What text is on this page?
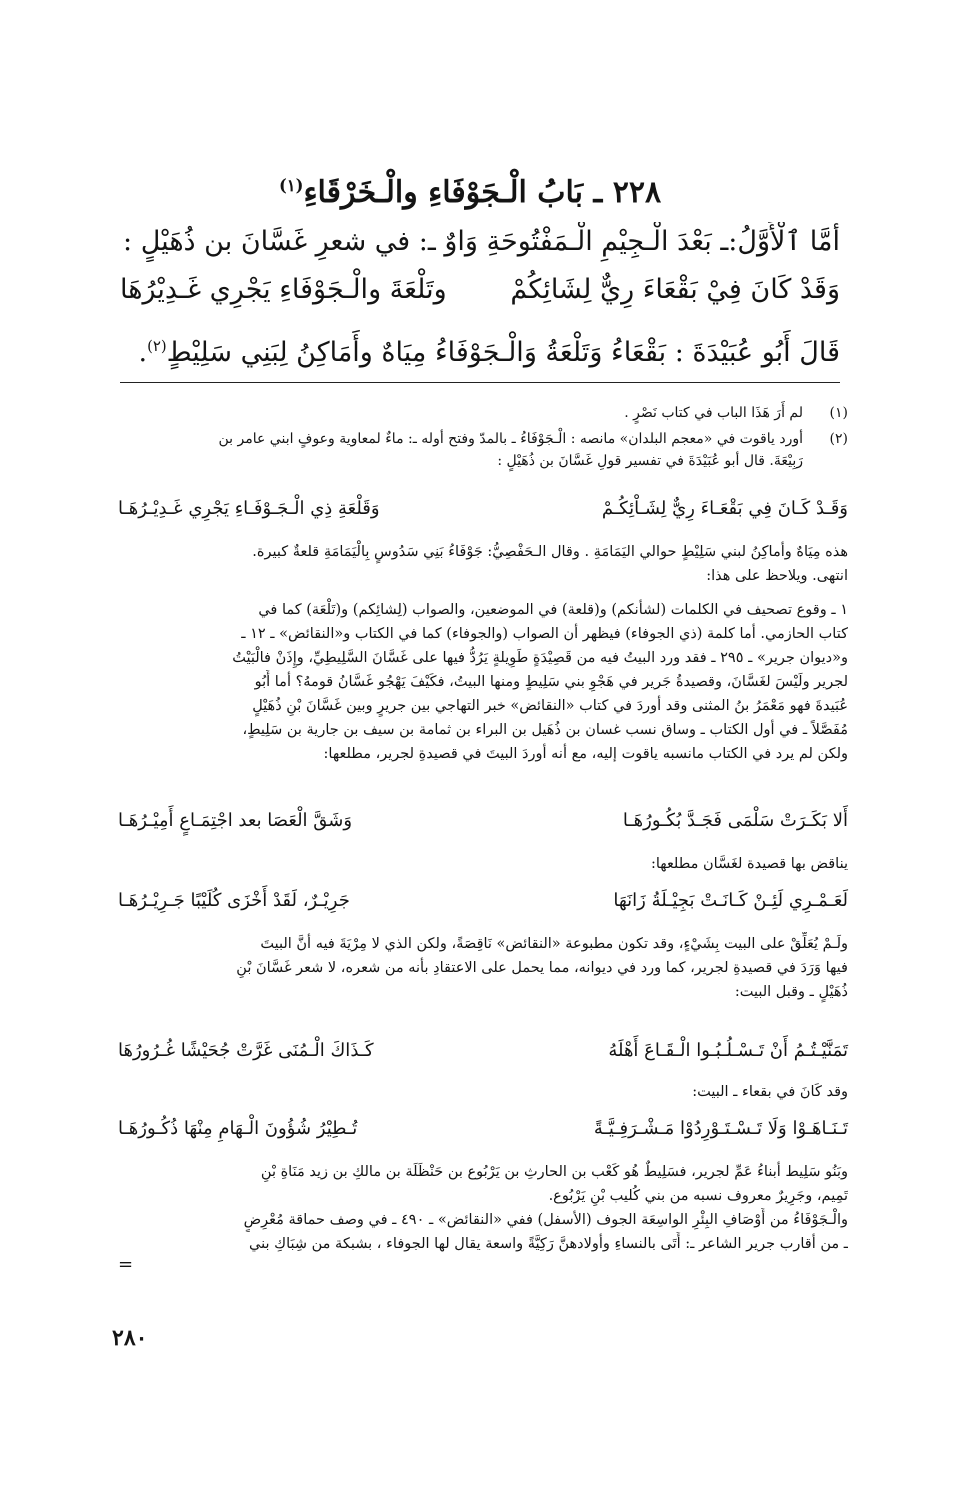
٢٢٨ ـ بَابُ الْـجَوْفَاءِ والْـخَرْقَاءِ$^{(١)}$
أَمَّا ٱلْأَوَّلُ:ـ بَعْدَ الْـجِيْمِ الْـمَفْتُوحَةِ وَاوٌ ـ: في شعرِ غَسَّانَ بن ذُهَيْلٍ :
وَقَدْ كَانَ فِيْ بَقْعَاءَ رِيٌّ لِشَائِكُمْ
وتَلْعَةَ والْـجَوْفَاءِ يَجْرِي غَـدِيْرُهَا
قَالَ أَبُو عُبَيْدَةَ : بَقْعَاءُ وَتَلْعَةُ وَالْـجَوْفَاءُ مِيَاهٌ وأَمَاكِنُ لِبَنِي سَلِيْطٍ$^{(٢)}$.
(١)
لم أَرَ هَذَا الباب في كتاب نَصْرٍ .
(٢)
أورد ياقوت في «معجم البلدان» مانصه : الْـجَوْفَاءُ ـ بالمدّ وفتح أوله ـ: ماءٌ لمعاوية وعوفٍ ابني عامر بن
رَبِيْعَةَ. قال أبو عُبَيْدَةَ في تفسير قولِ غَسَّانَ بن ذُهَيْلٍ :
وَقَـدْ كَـانَ فِي بَقْعَـاءَ رِيٌّ لِشَـاْئِكُـمْ
وَقَلْعَةِ ذِي الْـجَـوْفَـاءِ يَجْرِي غَـدِيْـرُهَـا
هذه مِيَاهٌ وأماكِنُ لبني سَلِيْطٍ حوالي اليَمَامَةِ . وقال الـحَفْصِيُّ: جَوْفَاءُ بَنِي سَدُوسٍ بِالْيَمَامَةِ قلعةٌ كبيرة.
انتهى. ويلاحظ على هذا:
١ ـ وقوع تصحيف في الكلمات (لشأنكم) و(قلعة) في الموضعين، والصواب (لِشائِكم) و(تَلْعَة) كما في
كتاب الحازمي. أما كلمة (ذي الجوفاء) فيظهر أن الصواب (والجوفاء) كما في الكتاب و«النقائض» ـ ١٢ ـ
و«ديوان جرير» ـ ٢٩٥ ـ فقد ورد البيتُ فيه من قَصِيْدَةٍ طَوِيلةٍ يَرُدُّ فيها على غَسَّانَ السَّلِيطِيِّ، وإِذَنْ فالْبَيْتُ
لجرير ولَيْسَ لغَسَّانَ، وقصيدةُ جَرير في هَجْوِ بني سَلِيطٍ ومنها البيتُ، فكَيْفَ يَهْجُو غَسَّانُ قومهُ؟ أما أَبُو
عُبَيدةَ فهو مَعْمَرُ بنُ المثنى وقد أوردَ في كتاب «النقائض» خبر التهاجي بين جريرٍ وبين غَسَّانَ بْنِ ذُهَيْلٍ
مُفَصَّلاً ـ في أول الكتاب ـ وساق نسب غسان بن ذُهَيل بن البراء بن ثمامة بن سيف بن جارية بن سَلِيطٍ،
ولكن لم يرد في الكتاب مانسبه ياقوت إليه، مع أنه أوردَ البيتَ في قصيدةِ لجرير، مطلعها:
أَلا بَكَـرَتْ سَلْمَى فَجَـدَّ بُكُـورُهَـا
وَشَقَّ الْعَصَا بعد اجْتِمَـاعٍ أَمِيْـرُهَـا
يناقض بها قصيدة لغَسَّان مطلعها:
لَعَـمْـرِي لَئِـنْ كَـانَـتْ بَجِيْـلَةُ زَانَهَا
جَرِيْـرٌ، لَقَدْ أَخْزَى كُلَيْبًا جَـرِيْـرُهَـا
ولَـمْ يُعَلِّقْ على البيت بِشَيْءٍ، وقد تكون مطبوعة «النقائض» نَاقِصَةً، ولكن الذي لا مِرْيَةَ فيه أنَّ البيتَ
فيها وَرَدَ في قصيدةِ لجرير، كما ورد في ديوانه، مما يحمل على الاعتقادِ بأنه من شعره، لا شعر غَسَّانَ بْنِ
ذُهَيْلٍ ـ وقبل البيت:
تَمَنَّيْـتُـمُ أَنْ تَـسْـلُـبُـوا الْـقَـاعَ أَهْلَهُ
كَـذَاكَ الْـمُنَى غَرَّتْ جُحَيْشًا غُـرُورُهَا
وقد كَانَ في بقعاء ـ البيت:
تَـنَـاهَـوْا وَلَا تَـسْـتَـوْرِدُوْا مَـشْـرَفِـيَّـةً
تُـطِيْرُ شُؤُونَ الْـهَامِ مِنْهَا ذُكُـورُهَـا
وبَنُو سَلِيط أبناءُ عَمِّ لجرير، فسَلِيطٌ هُو كَعْب بن الحارثِ بن يَرْبُوع بن حَنْظَلَة بن مالكِ بن زيد مَنَاةِ بْنِ
تَمِيم، وجَرِيرٌ معروف نسبه من بني كُليب بْنِ يَرْبُوع.
والْـجَوْفَاءُ من أَوْصَافِ البِئْرِ الواسِعَة الجوف (الأسفل) ففي «النقائض» ـ ٤٩٠ ـ في وصف حماقة مُعْرِضٍ
ـ من أقارب جرير الشاعر ـ: أَتَى بالنساءِ وأولادهنَّ رَكِيَّةً واسعة يقال لها الجوفاء ، بشبكة من شِبَاكِ بني
=
٢٨٠
